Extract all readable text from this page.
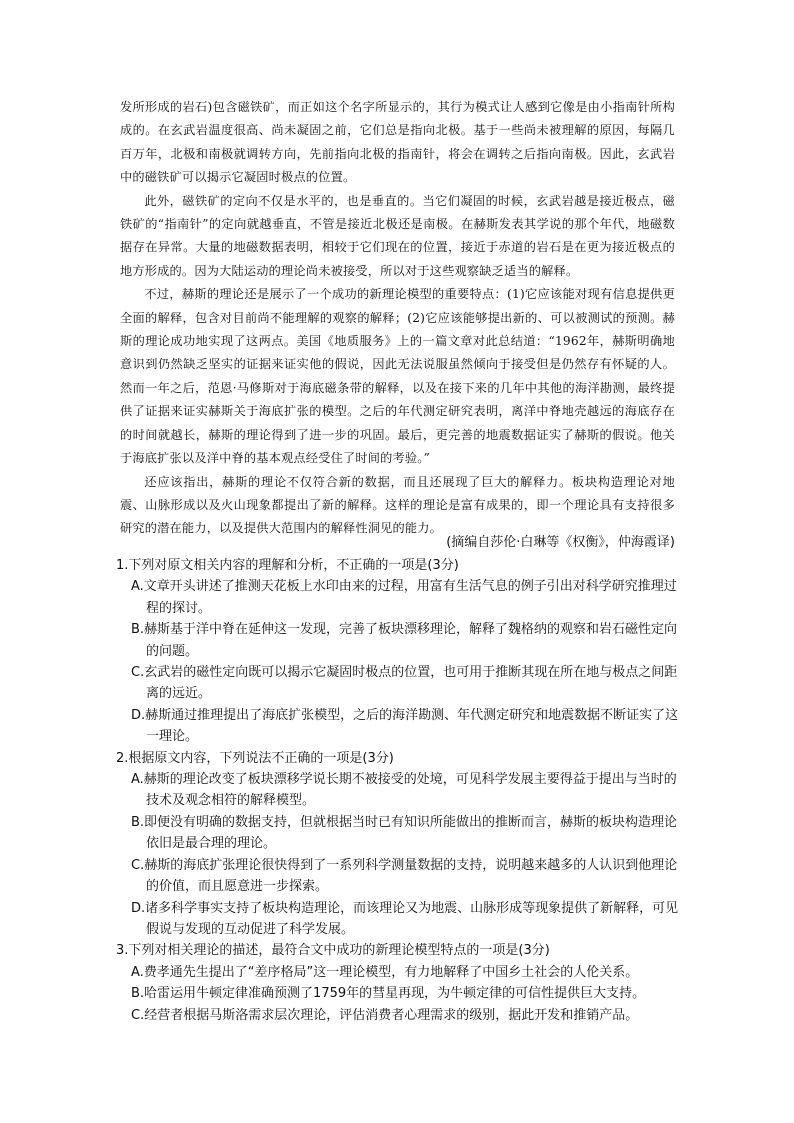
发所形成的岩石)包含磁铁矿，而正如这个名字所显示的，其行为模式让人感到它像是由小指南针所构成的。在玄武岩温度很高、尚未凝固之前，它们总是指向北极。基于一些尚未被理解的原因，每隔几百万年，北极和南极就调转方向，先前指向北极的指南针，将会在调转之后指向南极。因此，玄武岩中的磁铁矿可以揭示它凝固时极点的位置。

此外，磁铁矿的定向不仅是水平的，也是垂直的。当它们凝固的时候，玄武岩越是接近极点，磁铁矿的“指南针”的定向就越垂直，不管是接近北极还是南极。在赫斯发表其学说的那个年代，地磁数据存在异常。大量的地磁数据表明，相较于它们现在的位置，接近于赤道的岩石是在更为接近极点的地方形成的。因为大陆运动的理论尚未被接受，所以对于这些观察缺乏适当的解释。

不过，赫斯的理论还是展示了一个成功的新理论模型的重要特点：(1)它应该能对现有信息提供更全面的解释，包含对目前尚不能理解的观察的解释；(2)它应该能够提出新的、可以被测试的预测。赫斯的理论成功地实现了这两点。美国《地质服务》上的一篇文章对此总结道：“1962年，赫斯明确地意识到仍然缺乏坚实的证据来证实他的假说，因此无法说服虽然倾向于接受但是仍然存有怀疑的人。然而一年之后，范恩·马修斯对于海底磁条带的解释，以及在接下来的几年中其他的海洋勘测，最终提供了证据来证实赫斯关于海底扩张的模型。之后的年代测定研究表明，离洋中脊地壳越远的海底存在的时间就越长，赫斯的理论得到了进一步的巩固。最后，更完善的地震数据证实了赫斯的假说。他关于海底扩张以及洋中脊的基本观点经受住了时间的考验。”

还应该指出，赫斯的理论不仅符合新的数据，而且还展现了巨大的解释力。板块构造理论对地震、山脉形成以及火山现象都提出了新的解释。这样的理论是富有成果的，即一个理论具有支持很多研究的潜在能力，以及提供大范围内的解释性洞见的能力。

(摘编自莎伦·白琳等《权衡》，仲海霞译)

1.下列对原文相关内容的理解和分析，不正确的一项是(3分)

A.文章开头讲述了推测天花板上水印由来的过程，用富有生活气息的例子引出对科学研究推理过程的探讨。

B.赫斯基于洋中脊在延伸这一发现，完善了板块漂移理论，解释了魏格纳的观察和岩石磁性定向的问题。

C.玄武岩的磁性定向既可以揭示它凝固时极点的位置，也可用于推断其现在所在地与极点之间距离的远近。

D.赫斯通过推理提出了海底扩张模型，之后的海洋勘测、年代测定研究和地震数据不断证实了这一理论。

2.根据原文内容，下列说法不正确的一项是(3分)

A.赫斯的理论改变了板块漂移学说长期不被接受的处境，可见科学发展主要得益于提出与当时的技术及观念相符的解释模型。

B.即便没有明确的数据支持，但就根据当时已有知识所能做出的推断而言，赫斯的板块构造理论依旧是最合理的理论。

C.赫斯的海底扩张理论很快得到了一系列科学测量数据的支持，说明越来越多的人认识到他理论的价值，而且愿意进一步探索。

D.诸多科学事实支持了板块构造理论，而该理论又为地震、山脉形成等现象提供了新解释，可见假说与发现的互动促进了科学发展。

3.下列对相关理论的描述，最符合文中成功的新理论模型特点的一项是(3分)

A.费孝通先生提出了“差序格局”这一理论模型，有力地解释了中国乡土社会的人伦关系。

B.哈雷运用牛顿定律准确预测了1759年的彗星再现，为牛顿定律的可信性提供巨大支持。

C.经营者根据马斯洛需求层次理论，评估消费者心理需求的级别，据此开发和推销产品。
